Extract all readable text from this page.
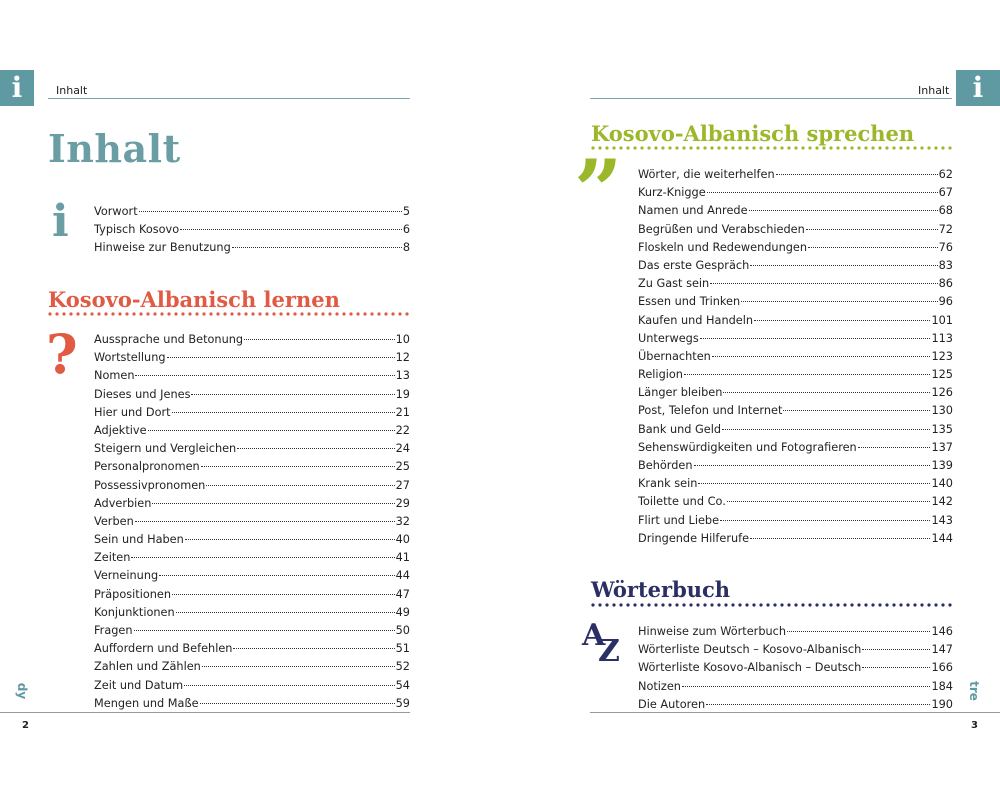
i	Inhalt
Inhalt
i Vorwort	5
Typisch Kosovo	6
Hinweise zur Benutzung	8
Kosovo-Albanisch lernen
? Aussprache und Betonung	10
Wortstellung	12
Nomen	13
Dieses und Jenes	19
Hier und Dort	21
Adjektive	22
Steigern und Vergleichen	24
Personalpronomen	25
Possessivpronomen	27
Adverbien	29
Verben	32
Sein und Haben	40
Zeiten	41
Verneinung	44
Präpositionen	47
Konjunktionen	49
Fragen	50
Auffordern und Befehlen	51
Zahlen und Zählen	52
Zeit und Datum	54
Mengen und Maße	59
dy
2
i
Inhalt
Kosovo-Albanisch sprechen
” Wörter, die weiterhelfen	62
Kurz-Knigge	67
Namen und Anrede	68
Begrüßen und Verabschieden	72
Floskeln und Redewendungen	76
Das erste Gespräch	83
Zu Gast sein	86
Essen und Trinken	96
Kaufen und Handeln	101
Unterwegs	113
Übernachten	123
Religion	125
Länger bleiben	126
Post, Telefon und Internet	130
Bank und Geld	135
Sehenswürdigkeiten und Fotografieren	137
Behörden	139
Krank sein	140
Toilette und Co.	142
Flirt und Liebe	143
Dringende Hilferufe	144
Wörterbuch
A
Z
Hinweise zum Wörterbuch	146
Wörterliste Deutsch – Kosovo-Albanisch	147
Wörterliste Kosovo-Albanisch – Deutsch	166
Notizen	184
Die Autoren	190
tre
3
